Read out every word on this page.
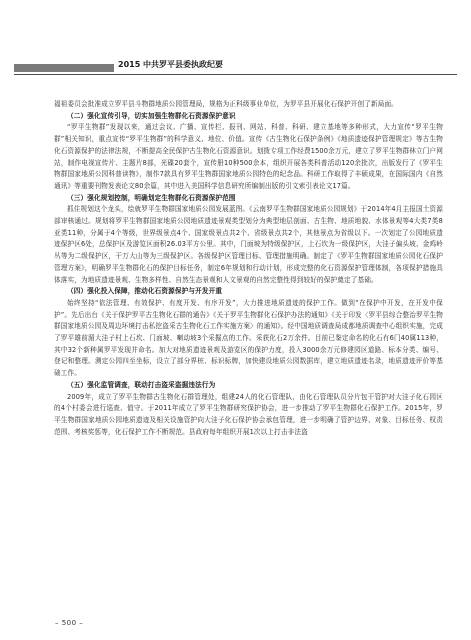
2015 中共罗平县委执政纪要

福祖委员会批准成立罗平县斗物群地质公园管理局，规格为正科级事业单位，为罗平县开展化石保护开创了新局面。

（二）强化宣传引导，切实加强生物群化石资源保护意识

“罗平生物群”发现以来，通过会议、广播、宣传栏、报刊、网站、科普、科研、建立基地等多种形式，大力宣传“罗平生物群”相关知识，重点宣传“罗平生物群”的科学意义、地位、价值。宣传《古生物化石保护条例》《地质遗迹保护管理规定》等古生物化石资源保护的法律法规，不断提高全民保护古生物化石资源意识。划拨专项工作经费1500余万元，建立了罗平生物群林立门户网站，制作电视宣传片、主题片8部，光碟20套个，宣传册10种500余本，组织开展各类科普活动120余批次，出版发行了《罗平生物群国家地质公园科普读物》，制作7款具有罗平生物群国家地质公园特色的纪念品。科研工作取得了丰硕成果，在国际国内《自然通讯》等重要刊物发表论文80余篇，其中进入美国科学信息研究所编制出版的引文索引表论文17篇。

（三）强化规划控制，明确划定生物群化石资源保护范围

抓住规划这个龙头，绘就罗平生物群国家地质公园发展蓝图。《云南罗平生物群国家地质公园规划》于2014年4月主报国土资源部审核通过。规划将罗平生物群国家地质公园地质遗迹景观类型划分为典型地层剖面、古生物、地质地貌、水体景观等4大类7类8亚类11种，分属于4个等级，世界级景点4个、国家级景点共2个、省级景点共2个，其他景点为省级以下。一次划定了公园地质遗迹保护区6处，总保护区及游览区面积26.03平方公里。其中，门面坡为特级保护区，上石坎为一级保护区，大洼子偏头坡、金鸡岭丛等为二级保护区，干万大山等为三级保护区。各级保护区管理目标、管理措施明确。制定了《罗平生物群国家地质公园化石保护管理方案》，明确罗平生物群化石的保护目标任务，制定6年规划和行动计划，形成完整的化石资源保护管理体制，各项保护措施具体落实，为地质遗迹景观、生物多样性、自然生态景观和人文景观的自然完整性得到较好的保护奠定了基础。

（四）强化投入保障，推动化石资源保护与开发开重

始终坚持“依法管理、有效保护、有度开发、有序开发”，大力推进地质遗迹的保护工作。做到“在保护中开发，在开发中保护”。先后出台《关于保护罗平古生物化石群的通告》《关于罗平生物群化石保护办法的通知》《关于印发〈罗平县综合整治罗平生物群国家地质公园及周边环境打击私挖盗采古生物化石工作实施方案〉的通知》。经中国地质调查局成都地质调查中心组织实施，完成了罗平雄前湄大洼子村上石坎、门面坡、喇动坡3个采掘点的工作。采获化石2万余件。目前已鉴定命名的化石有6门40属113种，其中32个新种属罗平发现并命名。加大对地质遗迹景观及游览区的保护力度，投入3000余万元修建园区道路、标本分类、编号、登记和整理。测定公园四至坐标，设立了部分界桩、标识标牌，加快建设地质公园数据库，建立地质遗迹名录，地质遗迹评价等基础工作。

（五）强化监管调查，联动打击盗采盗掘违法行为

2009年，成立了罗平生物群古生物化石群管理处，组建24人的化石管理队，由化石管理队员分片包干管护对大洼子化石园区的4个村委会进行巡查、值守。于2011年成立了罗平生物群研究保护协会，进一步推动了罗平生物群化石保护工作。2015年，罗平生物群国家地质公园地质遗迹及相关设施管护向大洼子化石保护协会承包管理，进一步明确了管护边界、对象、目标任务、权责范围、考核奖惩等，化石保护工作不断规范。县政府每年组织开展1次以上打击非法盗

– 500 –
